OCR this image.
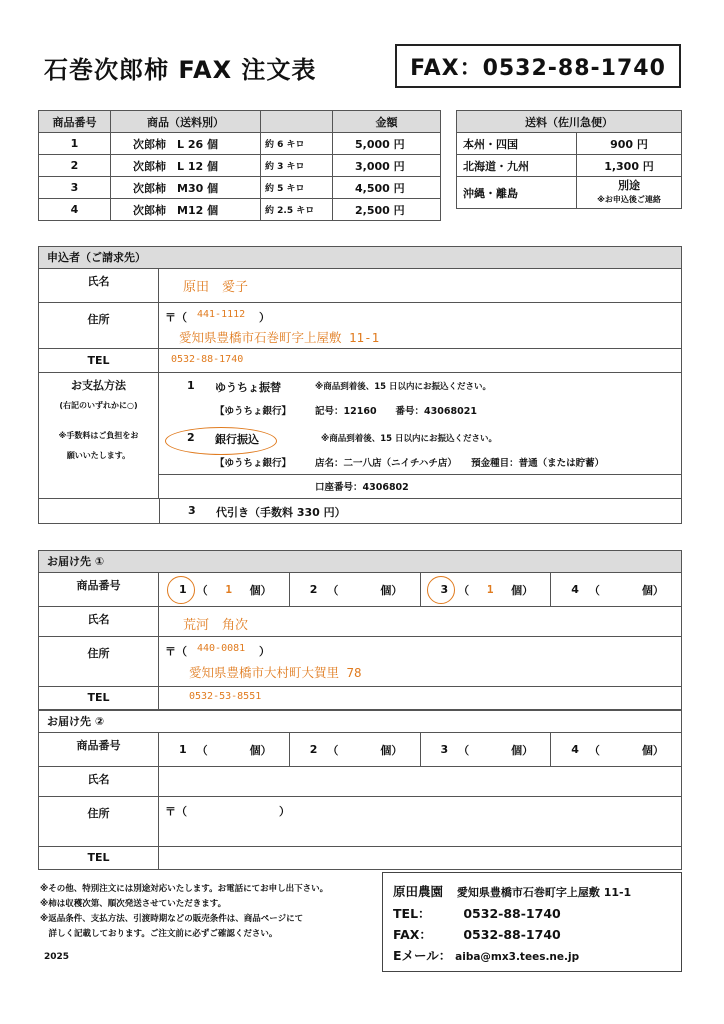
石巻次郎柿 FAX 注文表	FAX：0532-88-1740
商品番号	商品（送料別）		金額
1	次郎柿　L 26 個	約 6 キロ	5,000 円
2	次郎柿　L 12 個	約 3 キロ	3,000 円
3	次郎柿　M30 個	約 5 キロ	4,500 円
4	次郎柿　M12 個	約 2.5 キロ	2,500 円
送料（佐川急便）	
本州・四国	900 円
北海道・九州	1,300 円
沖縄・離島	別途
※お申込後ご連絡
申込者（ご請求先）
氏名	原田　愛子
住所	〒（ 441-1112 ）
愛知県豊橋市石巻町字上屋敷 11-1
TEL	0532-88-1740
お支払方法
(右記のいずれかに○)
※手数料はご負担をお
願いいたします。
1 ゆうちょ振替	※商品到着後、15 日以内にお振込ください。
【ゆうちょ銀行】	記号：12160　　番号：43068021
2 銀行振込	※商品到着後、15 日以内にお振込ください。
【ゆうちょ銀行】	店名：二一八店（ニイチハチ店）　　預金種目：普通（または貯蓄）
口座番号：4306802
3 代引き（手数料 330 円）
お届け先 ①
商品番号	1 （	1	個）	2 （	個）	3 （	1	個）	4 （	個）
氏名	荒河　角次
住所	〒（ 440-0081 ）
愛知県豊橋市大村町大賀里 78
TEL	0532-53-8551
お届け先 ②
商品番号	1 （	個）	2 （	個）	3 （	個）	4 （	個）
氏名
住所	〒（	）
TEL
※その他、特別注文には別途対応いたします。お電話にてお申し出下さい。
※柿は収穫次第、順次発送させていただきます。
※返品条件、支払方法、引渡時期などの販売条件は、商品ページにて
　詳しく記載しております。ご注文前に必ずご確認ください。
2025
原田農園 愛知県豊橋市石巻町字上屋敷 11-1
TEL：	0532-88-1740
FAX：	0532-88-1740
Eメール： aiba@mx3.tees.ne.jp
